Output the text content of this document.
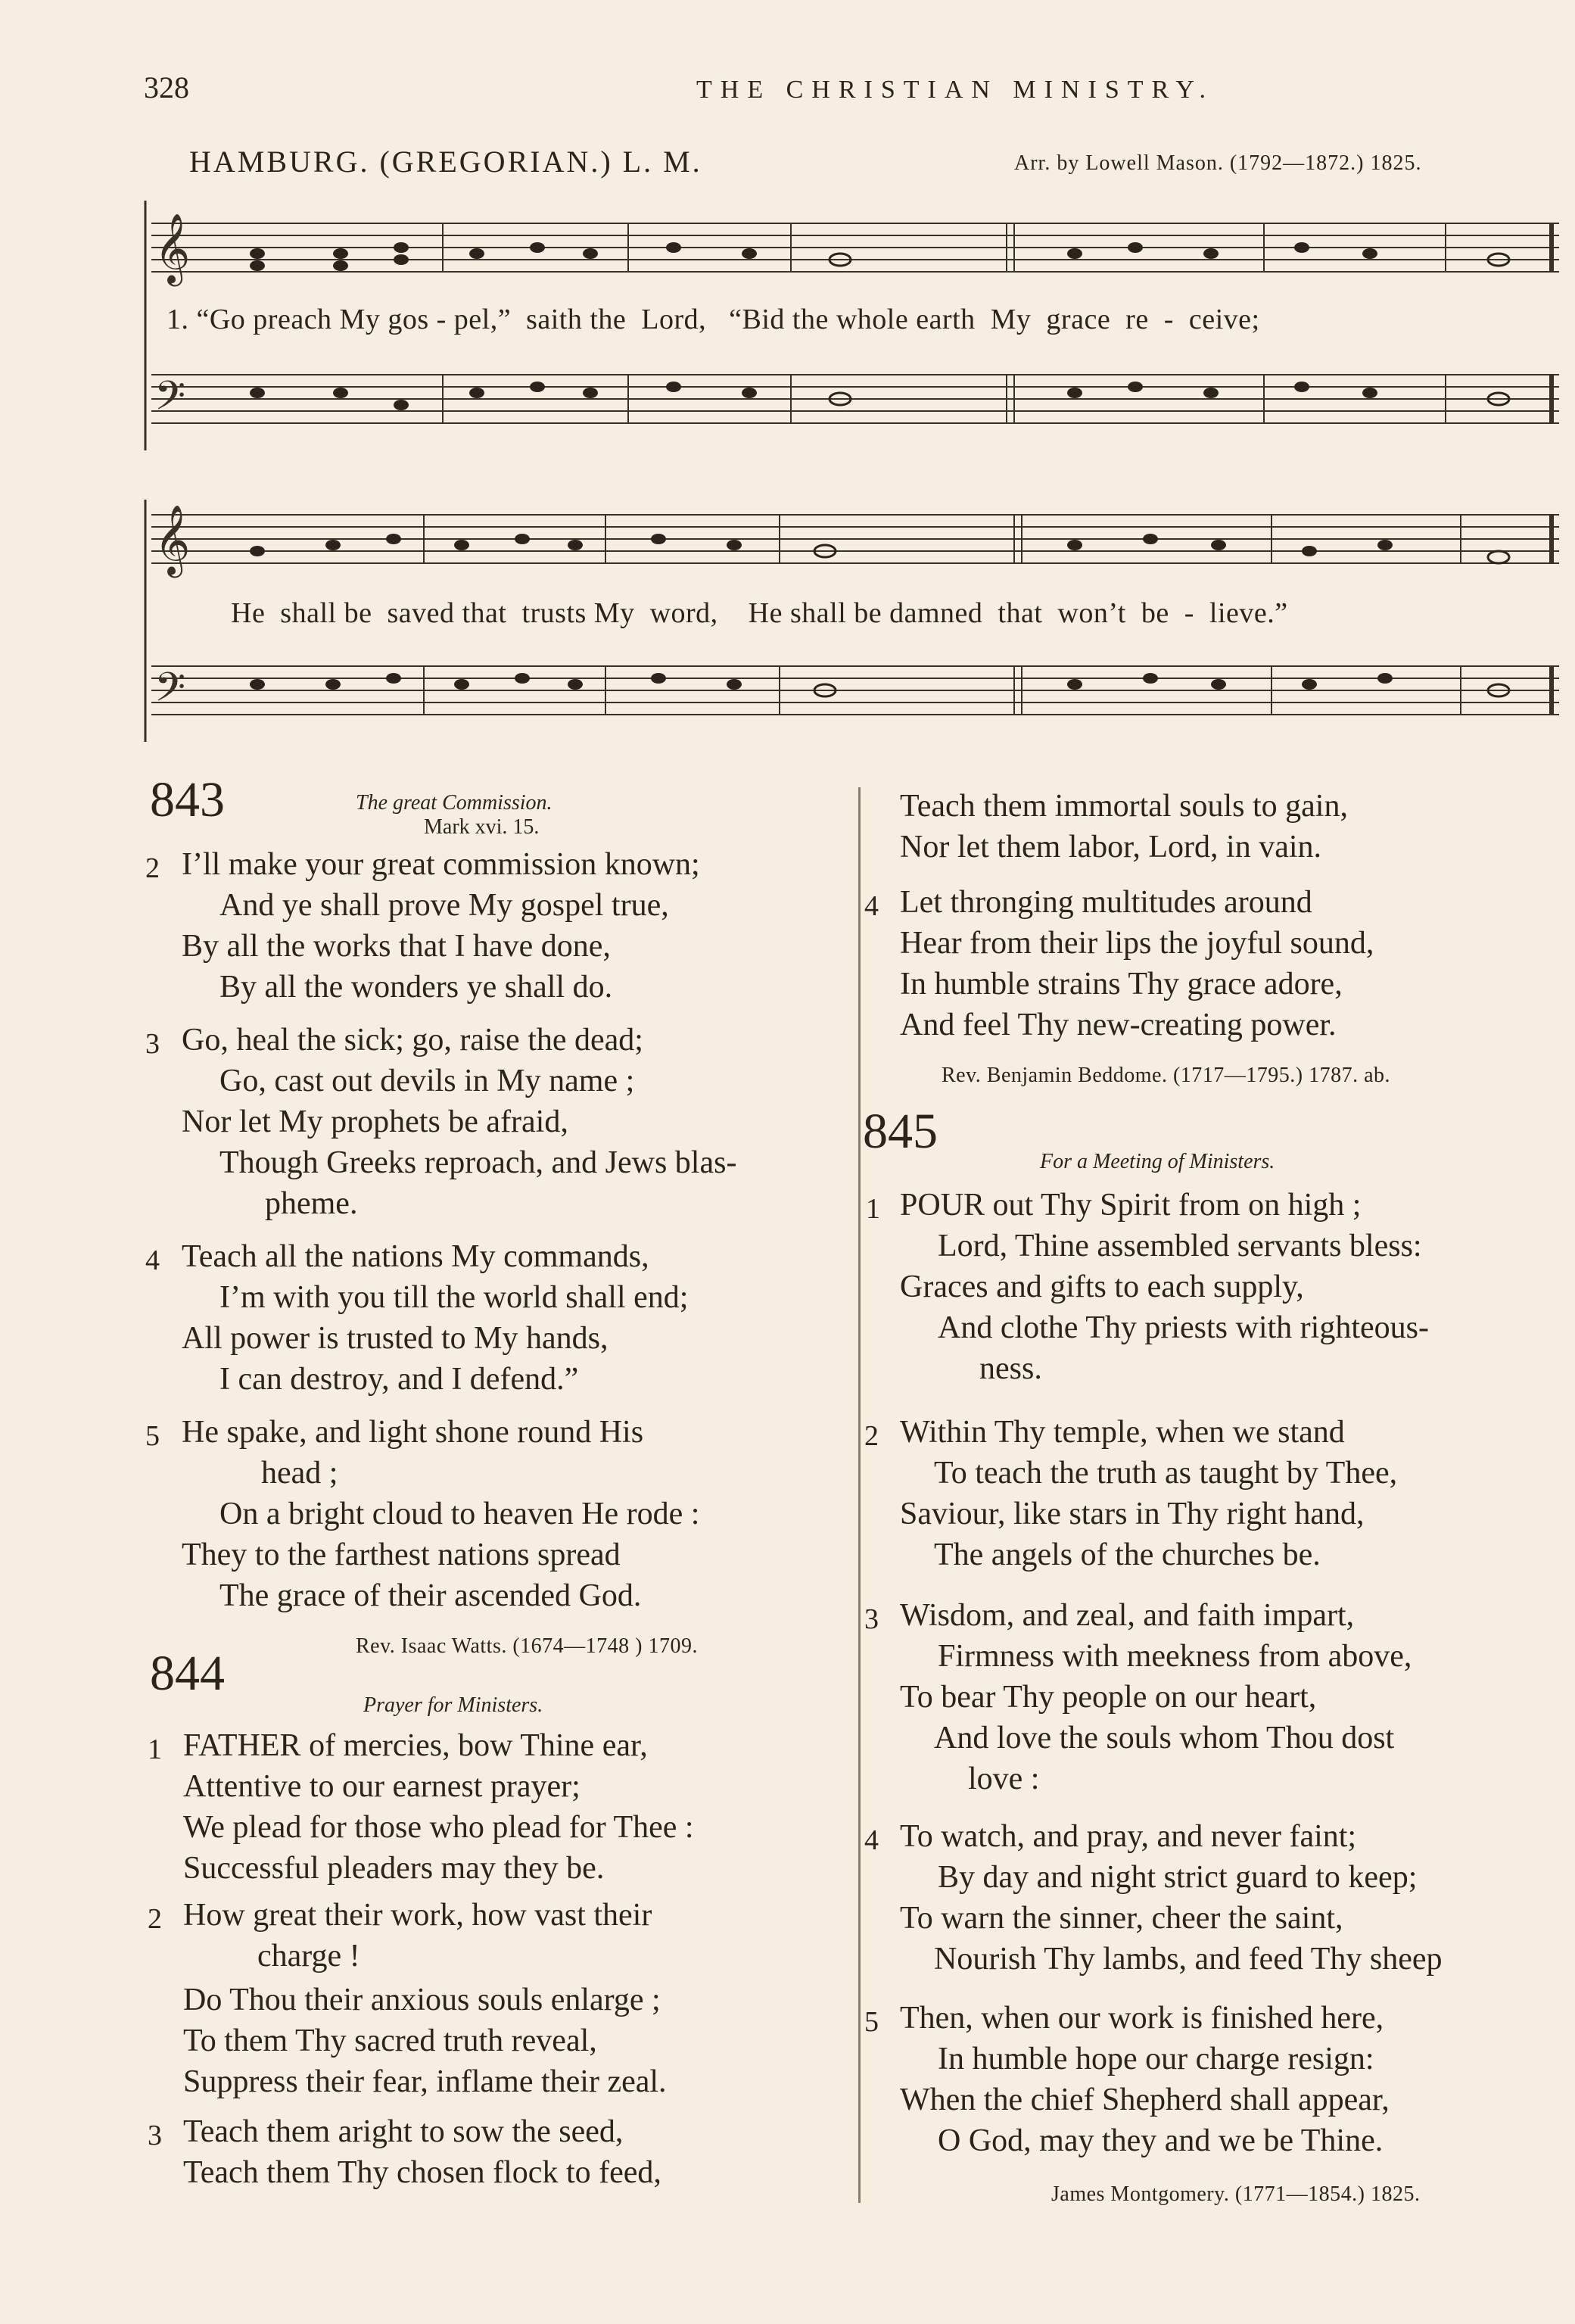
328	THE CHRISTIAN MINISTRY.
HAMBURG. (GREGORIAN.) L. M.	Arr. by Lowell Mason. (1792—1872.) 1825.
𝄞
𝄢
1. “Go preach My gos - pel,”  saith the  Lord,   “Bid the whole earth  My  grace  re  -  ceive;
𝄞
𝄢
He  shall be  saved that  trusts My  word,    He shall be damned  that  won’t  be  -  lieve.”
843	The great Commission.
Mark xvi. 15.
2 I’ll make your great commission known;
And ye shall prove My gospel true,
By all the works that I have done,
By all the wonders ye shall do.
3 Go, heal the sick; go, raise the dead;
Go, cast out devils in My name ;
Nor let My prophets be afraid,
Though Greeks reproach, and Jews blas-
pheme.
4 Teach all the nations My commands,
I’m with you till the world shall end;
All power is trusted to My hands,
I can destroy, and I defend.”
5 He spake, and light shone round His
head ;
On a bright cloud to heaven He rode :
They to the farthest nations spread
The grace of their ascended God.
Rev. Isaac Watts. (1674—1748 ) 1709.
844
Prayer for Ministers.
1 FATHER of mercies, bow Thine ear,
Attentive to our earnest prayer;
We plead for those who plead for Thee :
Successful pleaders may they be.
2 How great their work, how vast their
charge !
Do Thou their anxious souls enlarge ;
To them Thy sacred truth reveal,
Suppress their fear, inflame their zeal.
3 Teach them aright to sow the seed,
Teach them Thy chosen flock to feed,
Teach them immortal souls to gain,
Nor let them labor, Lord, in vain.
4 Let thronging multitudes around
Hear from their lips the joyful sound,
In humble strains Thy grace adore,
And feel Thy new-creating power.
Rev. Benjamin Beddome. (1717—1795.) 1787. ab.
845
For a Meeting of Ministers.
1 POUR out Thy Spirit from on high ;
Lord, Thine assembled servants bless:
Graces and gifts to each supply,
And clothe Thy priests with righteous-
ness.
2 Within Thy temple, when we stand
To teach the truth as taught by Thee,
Saviour, like stars in Thy right hand,
The angels of the churches be.
3 Wisdom, and zeal, and faith impart,
Firmness with meekness from above,
To bear Thy people on our heart,
And love the souls whom Thou dost
love :
4 To watch, and pray, and never faint;
By day and night strict guard to keep;
To warn the sinner, cheer the saint,
Nourish Thy lambs, and feed Thy sheep
5 Then, when our work is finished here,
In humble hope our charge resign:
When the chief Shepherd shall appear,
O God, may they and we be Thine.
James Montgomery. (1771—1854.) 1825.
